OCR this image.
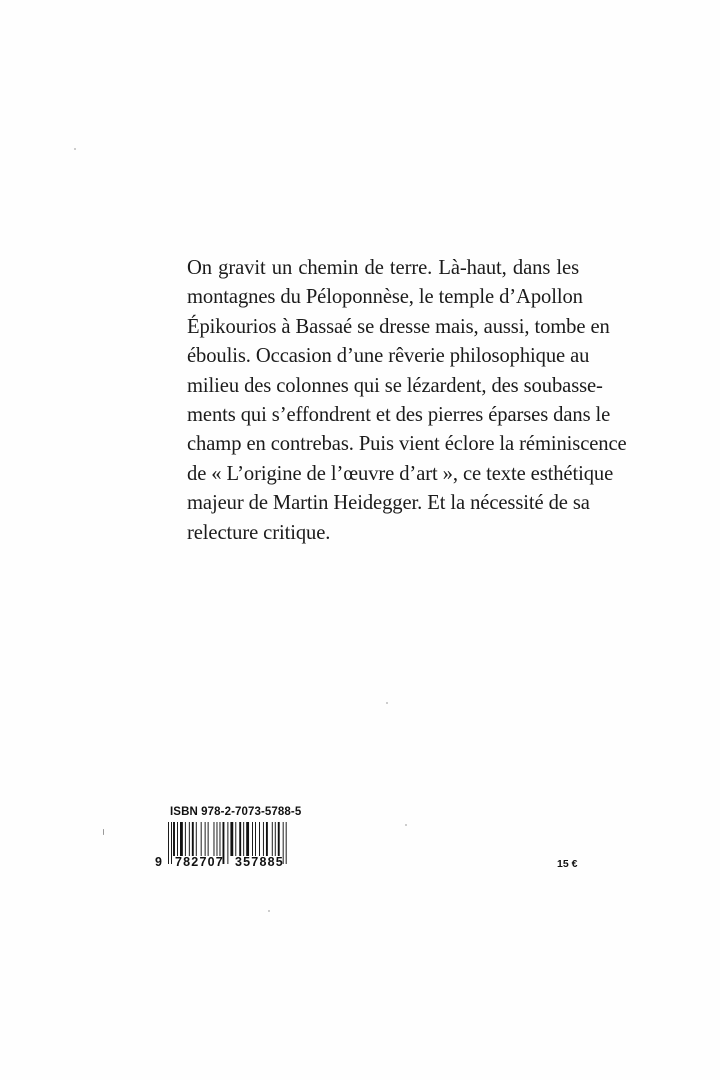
On gravit un chemin de terre. Là-haut, dans les
montagnes du Péloponnèse, le temple d’Apollon
Épikourios à Bassaé se dresse mais, aussi, tombe en
éboulis. Occasion d’une rêverie philosophique au
milieu des colonnes qui se lézardent, des soubasse-
ments qui s’effondrent et des pierres éparses dans le
champ en contrebas. Puis vient éclore la réminiscence
de « L’origine de l’œuvre d’art », ce texte esthétique
majeur de Martin Heidegger. Et la nécessité de sa
relecture critique.
ISBN 978-2-7073-5788-5
9 782707 357885	15 €
